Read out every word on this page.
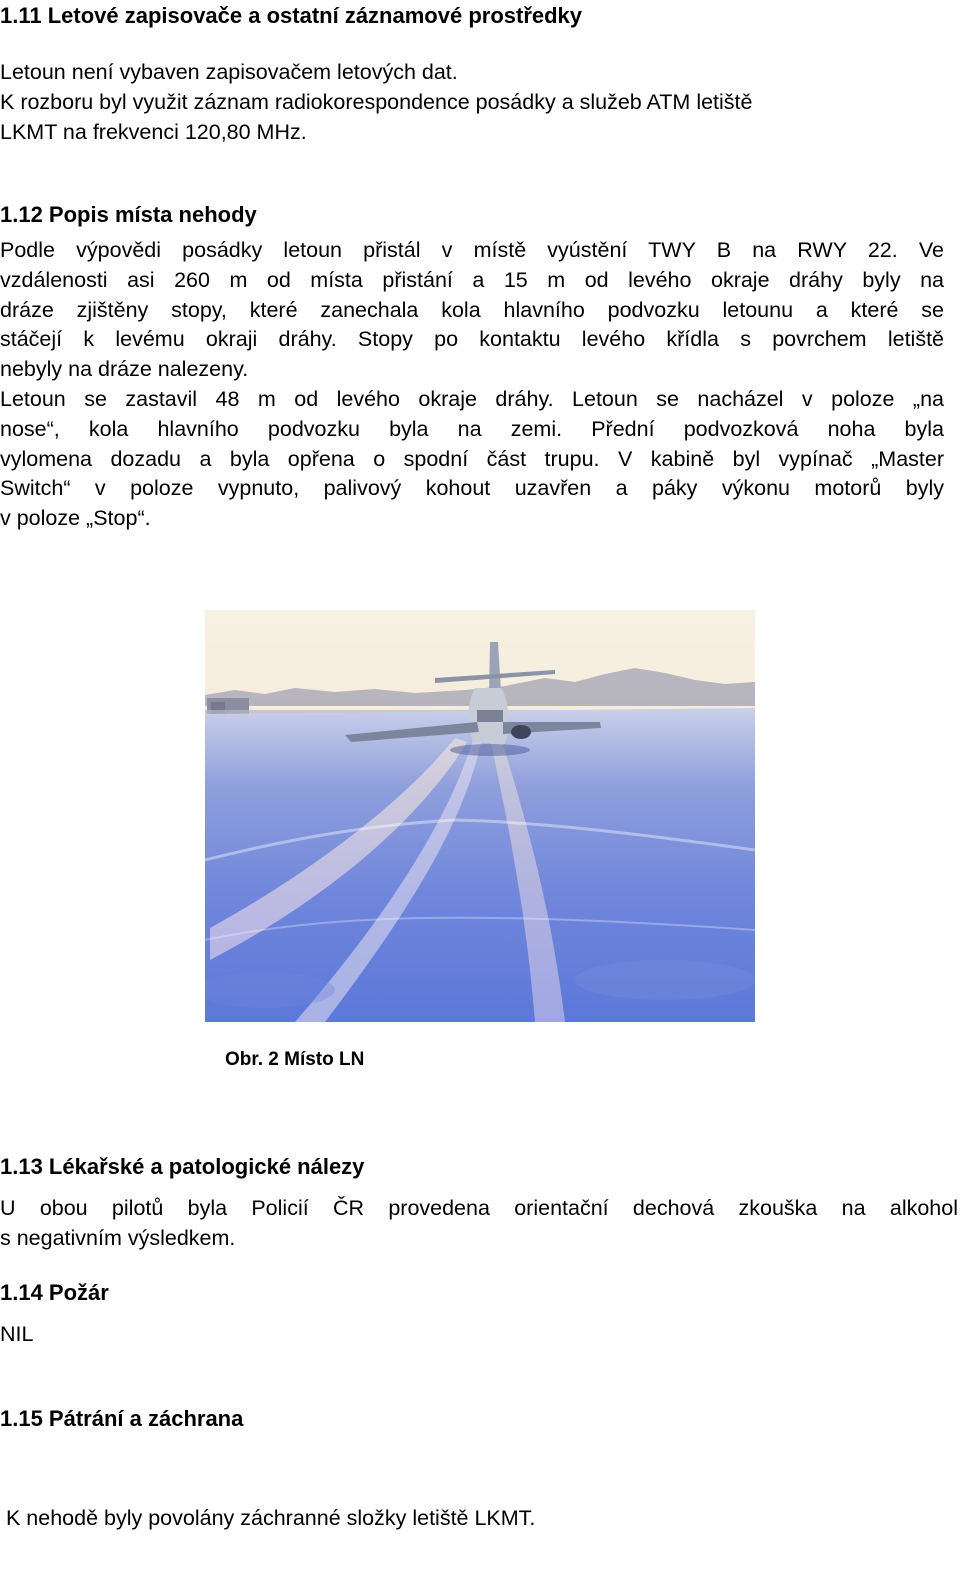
1.11 Letové zapisovače a ostatní záznamové prostředky
Letoun není vybaven zapisovačem letových dat.
K rozboru byl využit záznam radiokorespondence posádky a služeb ATM letiště
LKMT na frekvenci 120,80 MHz.
1.12 Popis místa nehody
Podle výpovědi posádky letoun přistál v místě vyústění TWY B na RWY 22. Ve
vzdálenosti asi 260 m od místa přistání a 15 m od levého okraje dráhy byly na
dráze zjištěny stopy, které zanechala kola hlavního podvozku letounu a které se
stáčejí k levému okraji dráhy. Stopy po kontaktu levého křídla s povrchem letiště
nebyly na dráze nalezeny.
Letoun se zastavil 48 m od levého okraje dráhy. Letoun se nacházel v poloze „na
nose“, kola hlavního podvozku byla na zemi. Přední podvozková noha byla
vylomena dozadu a byla opřena o spodní část trupu. V kabině byl vypínač „Master
Switch“ v poloze vypnuto, palivový kohout uzavřen a páky výkonu motorů byly
v poloze „Stop“.

Obr. 2 Místo LN

1.13 Lékařské a patologické nálezy
U obou pilotů byla Policií ČR provedena orientační dechová zkouška na alkohol
s negativním výsledkem.
1.14 Požár
NIL
1.15 Pátrání a záchrana

K nehodě byly povolány záchranné složky letiště LKMT.
